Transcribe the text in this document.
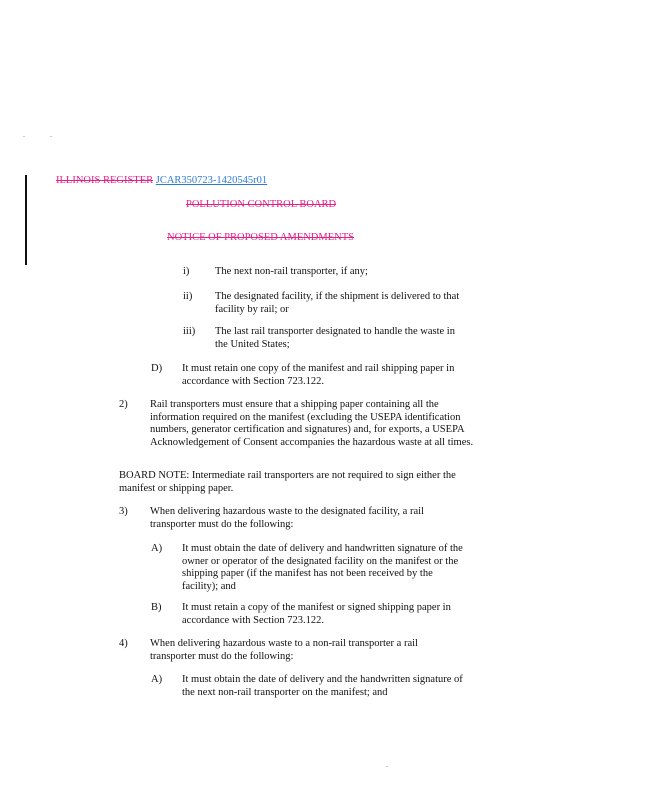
ILLINOIS REGISTER JCAR350723-1420545r01
POLLUTION CONTROL BOARD
NOTICE OF PROPOSED AMENDMENTS
i) The next non-rail transporter, if any;
ii) The designated facility, if the shipment is delivered to that facility by rail; or
iii) The last rail transporter designated to handle the waste in the United States;
D) It must retain one copy of the manifest and rail shipping paper in accordance with Section 723.122.
2) Rail transporters must ensure that a shipping paper containing all the information required on the manifest (excluding the USEPA identification numbers, generator certification and signatures) and, for exports, a USEPA Acknowledgement of Consent accompanies the hazardous waste at all times.
BOARD NOTE: Intermediate rail transporters are not required to sign either the manifest or shipping paper.
3) When delivering hazardous waste to the designated facility, a rail transporter must do the following:
A) It must obtain the date of delivery and handwritten signature of the owner or operator of the designated facility on the manifest or the shipping paper (if the manifest has not been received by the facility); and
B) It must retain a copy of the manifest or signed shipping paper in accordance with Section 723.122.
4) When delivering hazardous waste to a non-rail transporter a rail transporter must do the following:
A) It must obtain the date of delivery and the handwritten signature of the next non-rail transporter on the manifest; and
